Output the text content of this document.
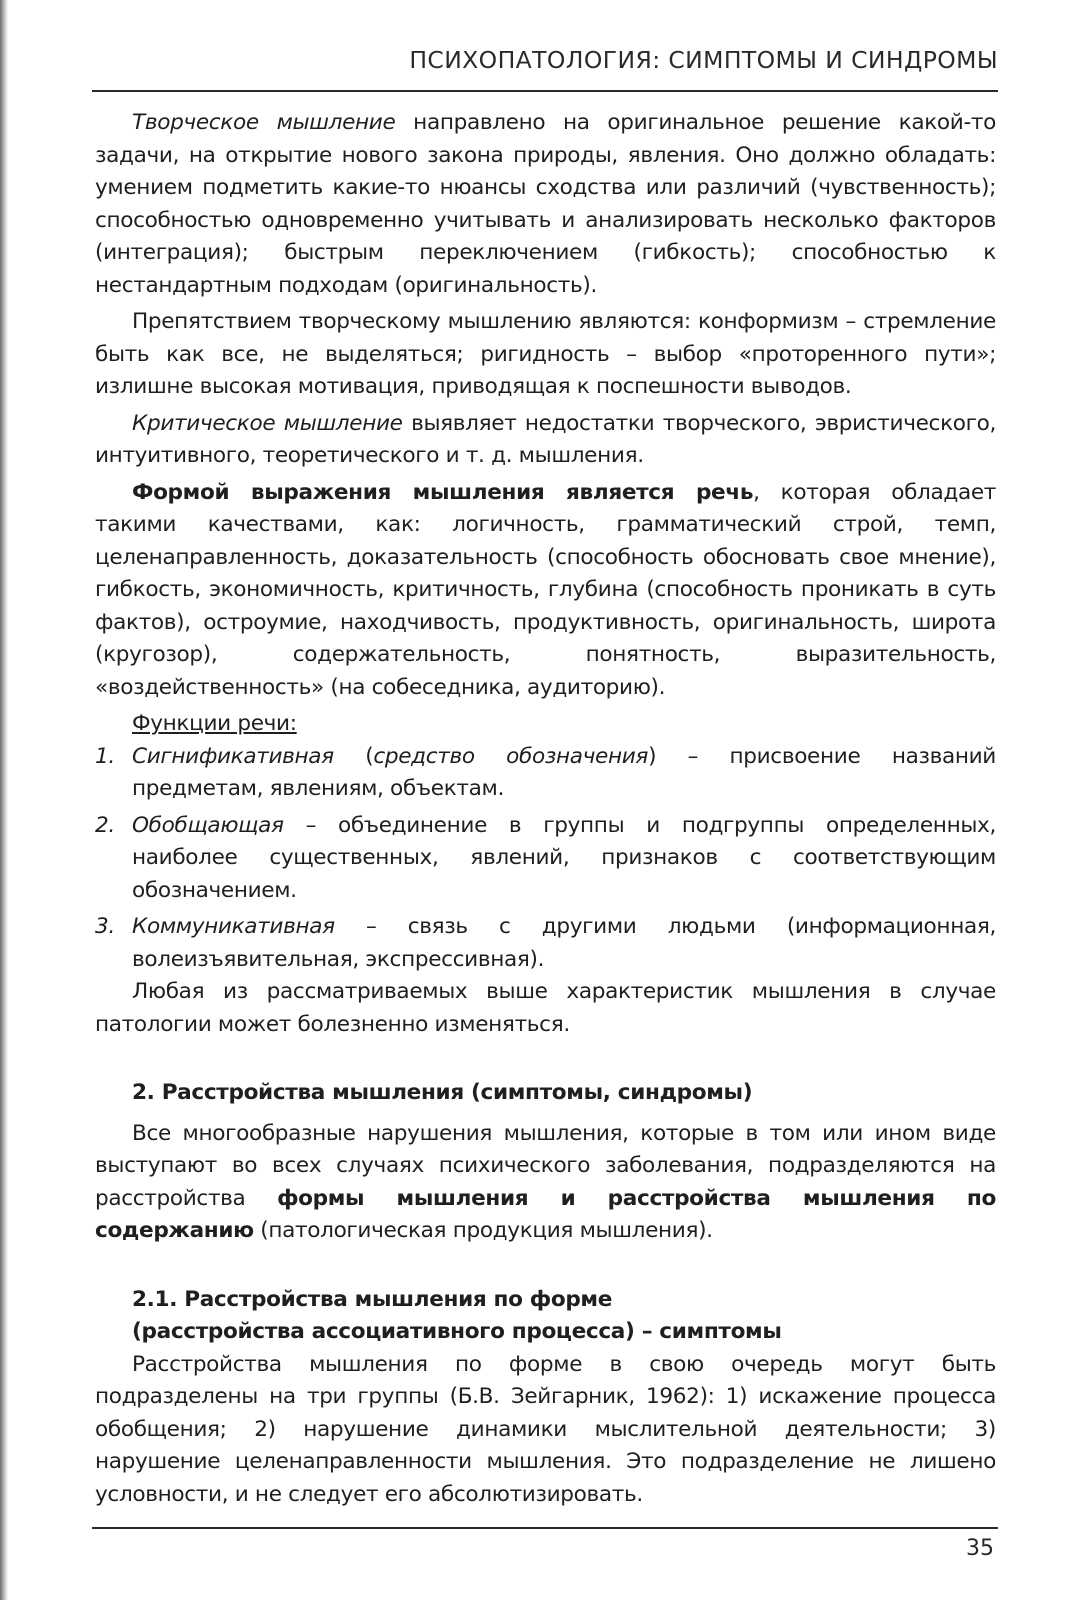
ПСИХОПАТОЛОГИЯ: СИМПТОМЫ И СИНДРОМЫ

Творческое мышление направлено на оригинальное решение какой-то задачи, на открытие нового закона природы, явления. Оно должно обладать: умением подметить какие-то нюансы сходства или различий (чувственность); способностью одновременно учитывать и анализировать несколько факторов (интеграция); быстрым переключением (гибкость); способностью к нестандартным подходам (оригинальность).

Препятствием творческому мышлению являются: конформизм – стремление быть как все, не выделяться; ригидность – выбор «проторенного пути»; излишне высокая мотивация, приводящая к поспешности выводов.

Критическое мышление выявляет недостатки творческого, эвристического, интуитивного, теоретического и т. д. мышления.

Формой выражения мышления является речь, которая обладает такими качествами, как: логичность, грамматический строй, темп, целенаправленность, доказательность (способность обосновать свое мнение), гибкость, экономичность, критичность, глубина (способность проникать в суть фактов), остроумие, находчивость, продуктивность, оригинальность, широта (кругозор), содержательность, понятность, выразительность, «воздейственность» (на собеседника, аудиторию).

Функции речи:
1. Сигнификативная (средство обозначения) – присвоение названий предметам, явлениям, объектам.
2. Обобщающая – объединение в группы и подгруппы определенных, наиболее существенных, явлений, признаков с соответствующим обозначением.
3. Коммуникативная – связь с другими людьми (информационная, волеизъявительная, экспрессивная).

Любая из рассматриваемых выше характеристик мышления в случае патологии может болезненно изменяться.

2. Расстройства мышления (симптомы, синдромы)

Все многообразные нарушения мышления, которые в том или ином виде выступают во всех случаях психического заболевания, подразделяются на расстройства формы мышления и расстройства мышления по содержанию (патологическая продукция мышления).

2.1. Расстройства мышления по форме
(расстройства ассоциативного процесса) – симптомы

Расстройства мышления по форме в свою очередь могут быть подразделены на три группы (Б.В. Зейгарник, 1962): 1) искажение процесса обобщения; 2) нарушение динамики мыслительной деятельности; 3) нарушение целенаправленности мышления. Это подразделение не лишено условности, и не следует его абсолютизировать.

35
